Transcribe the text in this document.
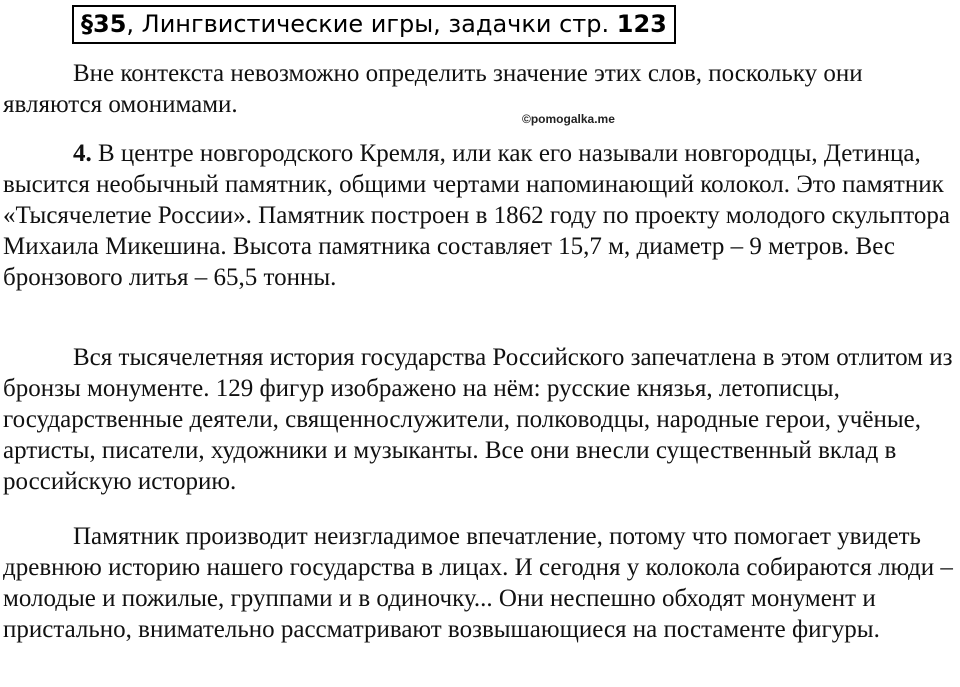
§35, Лингвистические игры, задачки стр. 123
©pomogalka.me

Вне контекста невозможно определить значение этих слов, поскольку они являются омонимами.

4. В центре новгородского Кремля, или как его называли новгородцы, Детинца, высится необычный памятник, общими чертами напоминающий колокол. Это памятник «Тысячелетие России». Памятник построен в 1862 году по проекту молодого скульптора Михаила Микешина. Высота памятника составляет 15,7 м, диаметр – 9 метров. Вес бронзового литья – 65,5 тонны.

Вся тысячелетняя история государства Российского запечатлена в этом отлитом из бронзы монументе. 129 фигур изображено на нём: русские князья, летописцы, государственные деятели, священнослужители, полководцы, народные герои, учёные, артисты, писатели, художники и музыканты. Все они внесли существенный вклад в российскую историю.

Памятник производит неизгладимое впечатление, потому что помогает увидеть древнюю историю нашего государства в лицах. И сегодня у колокола собираются люди – молодые и пожилые, группами и в одиночку... Они неспешно обходят монумент и пристально, внимательно рассматривают возвышающиеся на постаменте фигуры.
